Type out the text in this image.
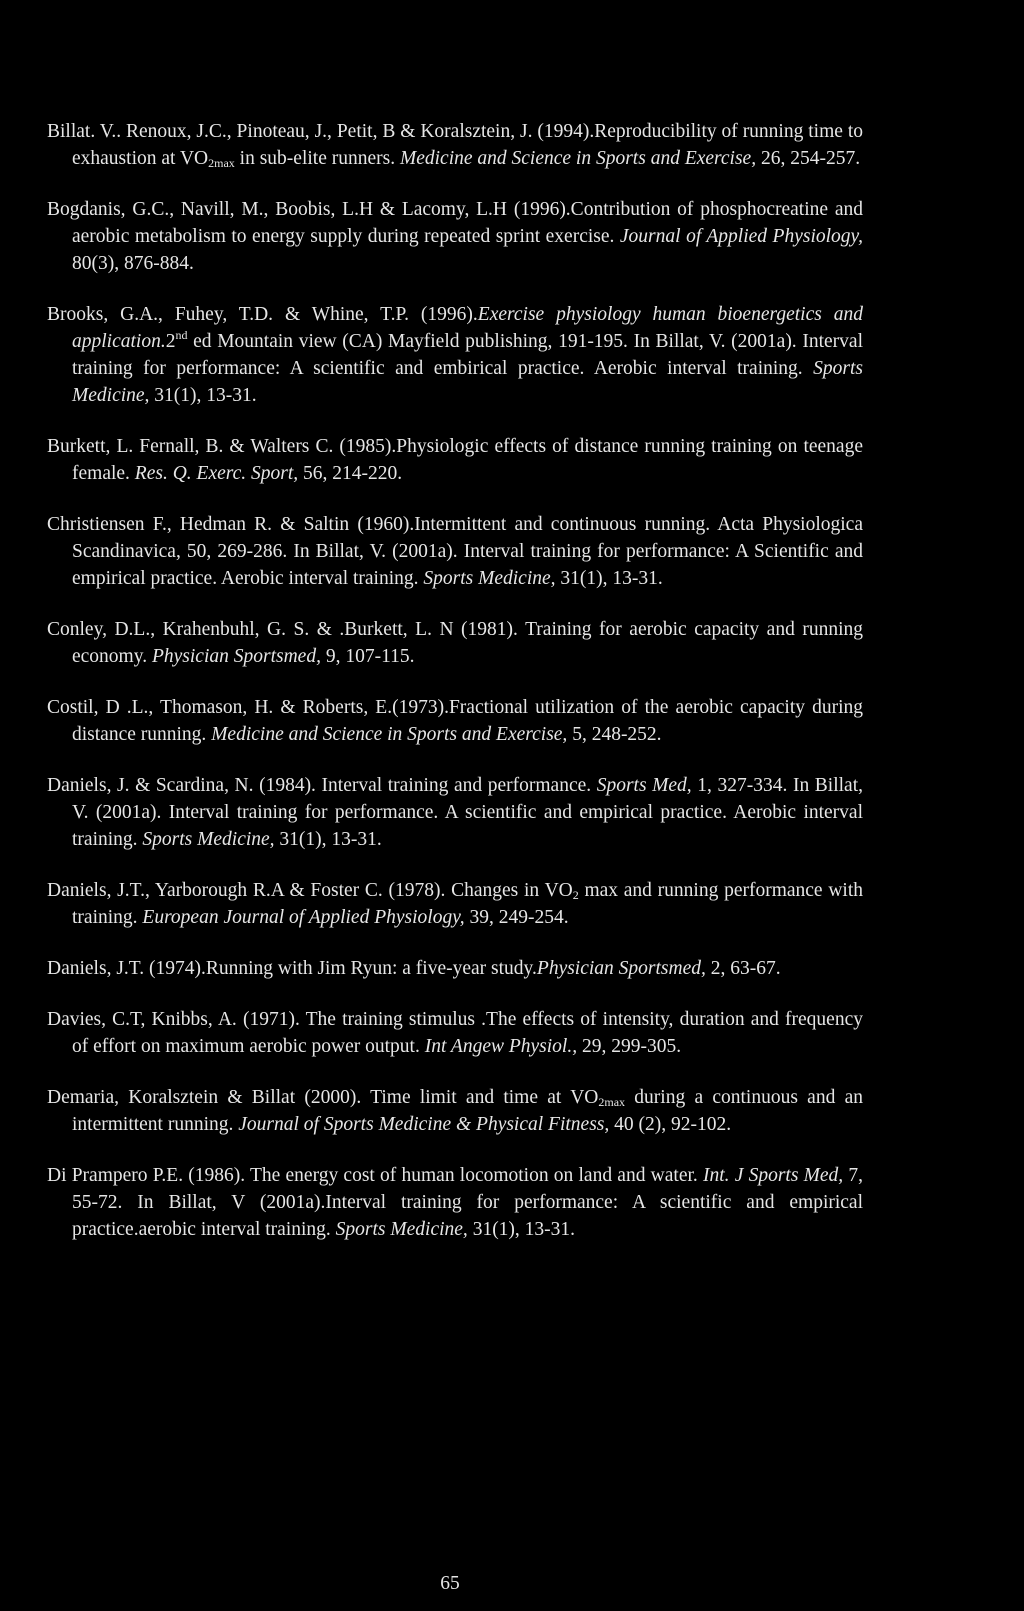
Billat. V.. Renoux, J.C., Pinoteau, J., Petit, B & Koralsztein, J. (1994).Reproducibility of running time to exhaustion at $VO_{2max}$ in sub-elite runners. Medicine and Science in Sports and Exercise, 26, 254-257.

Bogdanis, G.C., Navill, M., Boobis, L.H & Lacomy, L.H (1996).Contribution of phosphocreatine and aerobic metabolism to energy supply during repeated sprint exercise. Journal of Applied Physiology, 80(3), 876-884.

Brooks, G.A., Fuhey, T.D. & Whine, T.P. (1996).Exercise physiology human bioenergetics and application.2nd ed Mountain view (CA) Mayfield publishing, 191-195. In Billat, V. (2001a). Interval training for performance: A scientific and embirical practice. Aerobic interval training. Sports Medicine, 31(1), 13-31.

Burkett, L. Fernall, B. & Walters C. (1985).Physiologic effects of distance running training on teenage female. Res. Q. Exerc. Sport, 56, 214-220.

Christiensen F., Hedman R. & Saltin (1960).Intermittent and continuous running. Acta Physiologica Scandinavica, 50, 269-286. In Billat, V. (2001a). Interval training for performance: A Scientific and empirical practice. Aerobic interval training. Sports Medicine, 31(1), 13-31.

Conley, D.L., Krahenbuhl, G. S. & .Burkett, L. N (1981). Training for aerobic capacity and running economy. Physician Sportsmed, 9, 107-115.

Costil, D .L., Thomason, H. & Roberts, E.(1973).Fractional utilization of the aerobic capacity during distance running. Medicine and Science in Sports and Exercise, 5, 248-252.

Daniels, J. & Scardina, N. (1984). Interval training and performance. Sports Med, 1, 327-334. In Billat, V. (2001a). Interval training for performance. A scientific and empirical practice. Aerobic interval training. Sports Medicine, 31(1), 13-31.

Daniels, J.T., Yarborough R.A & Foster C. (1978). Changes in $VO_2$ max and running performance with training. European Journal of Applied Physiology, 39, 249-254.

Daniels, J.T. (1974).Running with Jim Ryun: a five-year study.Physician Sportsmed, 2, 63-67.

Davies, C.T, Knibbs, A. (1971). The training stimulus .The effects of intensity, duration and frequency of effort on maximum aerobic power output. Int Angew Physiol., 29, 299-305.

Demaria, Koralsztein & Billat (2000). Time limit and time at $VO_{2max}$ during a continuous and an intermittent running. Journal of Sports Medicine & Physical Fitness, 40 (2), 92-102.

Di Prampero P.E. (1986). The energy cost of human locomotion on land and water. Int. J Sports Med, 7, 55-72. In Billat, V (2001a).Interval training for performance: A scientific and empirical practice.aerobic interval training. Sports Medicine, 31(1), 13-31.

65
